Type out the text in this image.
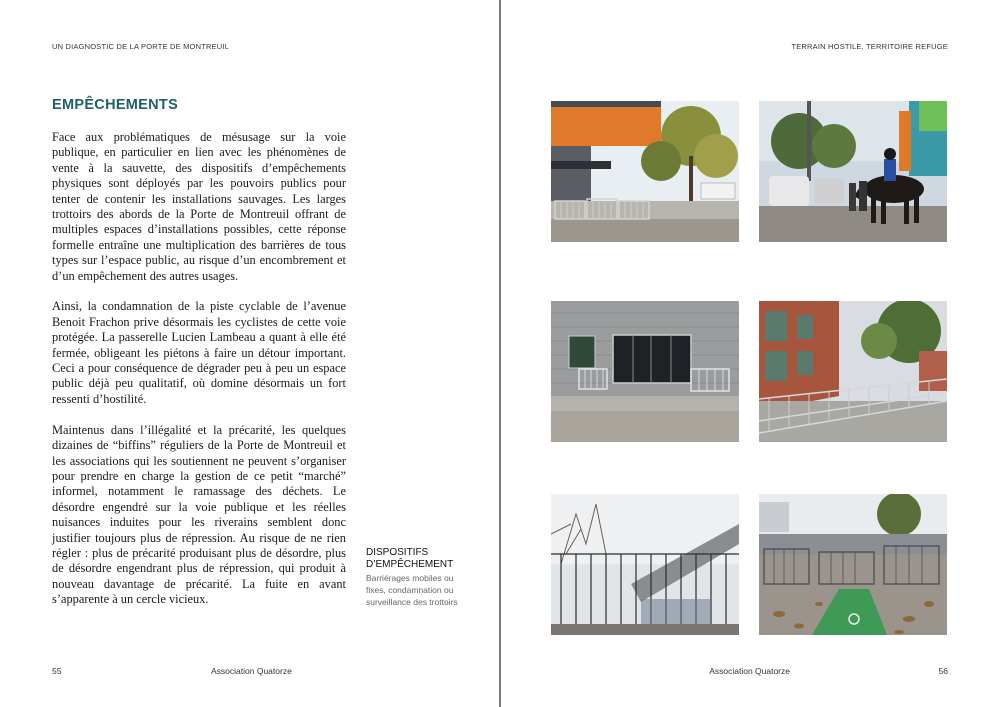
UN DIAGNOSTIC DE LA PORTE DE MONTREUIL
EMPÊCHEMENTS

Face aux problématiques de mésusage sur la voie publique, en particulier en lien avec les phénomènes de vente à la sauvette, des dispositifs d’empêchements physiques sont déployés par les pouvoirs publics pour tenter de contenir les installations sauvages. Les larges trottoirs des abords de la Porte de Montreuil offrant de multiples espaces d’installations possibles, cette réponse formelle entraîne une multiplication des barrières de tous types sur l’espace public, au risque d’un encombrement et d’un empêchement des autres usages.

Ainsi, la condamnation de la piste cyclable de l’avenue Benoit Frachon prive désormais les cyclistes de cette voie protégée. La passerelle Lucien Lambeau a quant à elle été fermée, obligeant les piétons à faire un détour important. Ceci a pour conséquence de dégrader peu à peu un espace public déjà peu qualitatif, où domine désormais un fort ressenti d’hostilité.

Maintenus dans l’illégalité et la précarité, les quelques dizaines de “biffins” réguliers de la Porte de Montreuil et les associations qui les soutiennent ne peuvent s’organiser pour prendre en charge la gestion de ce petit “marché” informel, notamment le ramassage des déchets. Le désordre engendré sur la voie publique et les réelles nuisances induites pour les riverains semblent donc justifier toujours plus de répression. Au risque de ne rien régler : plus de précarité produisant plus de désordre, plus de désordre engendrant plus de répression, qui produit à nouveau davantage de précarité. La fuite en avant s’apparente à un cercle vicieux.

DISPOSITIFS D’EMPÊCHEMENT
Barriérages mobiles ou fixes, condamnation ou surveillance des trottoirs
55	Association Quatorze
TERRAIN HOSTILE, TERRITOIRE REFUGE
Association Quatorze	56
